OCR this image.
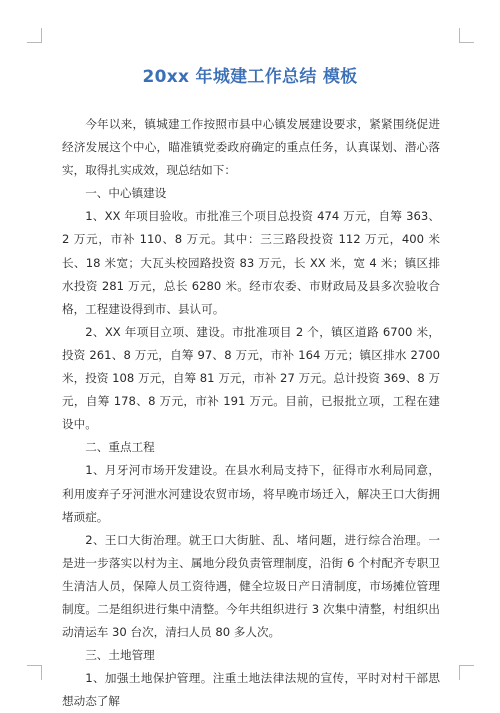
20xx 年城建工作总结 模板

今年以来，镇城建工作按照市县中心镇发展建设要求，紧紧围绕促进经济发展这个中心，瞄准镇党委政府确定的重点任务，认真谋划、潜心落实，取得扎实成效，现总结如下：

一、中心镇建设

1、XX 年项目验收。市批准三个项目总投资 474 万元，自筹 363、2 万元，市补 110、8 万元。其中：三三路段投资 112 万元，400 米长、18 米宽；大瓦头校园路投资 83 万元，长 XX 米，宽 4 米；镇区排水投资 281 万元，总长 6280 米。经市农委、市财政局及县多次验收合格，工程建设得到市、县认可。

2、XX 年项目立项、建设。市批准项目 2 个，镇区道路 6700 米，投资 261、8 万元，自筹 97、8 万元，市补 164 万元；镇区排水 2700 米，投资 108 万元，自筹 81 万元，市补 27 万元。总计投资 369、8 万元，自筹 178、8 万元，市补 191 万元。目前，已报批立项，工程在建设中。

二、重点工程

1、月牙河市场开发建设。在县水利局支持下，征得市水利局同意，利用废弃子牙河泄水河建设农贸市场，将早晚市场迁入，解决王口大街拥堵顽症。

2、王口大街治理。就王口大街脏、乱、堵问题，进行综合治理。一是进一步落实以村为主、属地分段负责管理制度，沿街 6 个村配齐专职卫生清洁人员，保障人员工资待遇，健全垃圾日产日清制度，市场摊位管理制度。二是组织进行集中清整。今年共组织进行 3 次集中清整，村组织出动清运车 30 台次，清扫人员 80 多人次。

三、土地管理

1、加强土地保护管理。注重土地法律法规的宣传，平时对村干部思想动态了解
